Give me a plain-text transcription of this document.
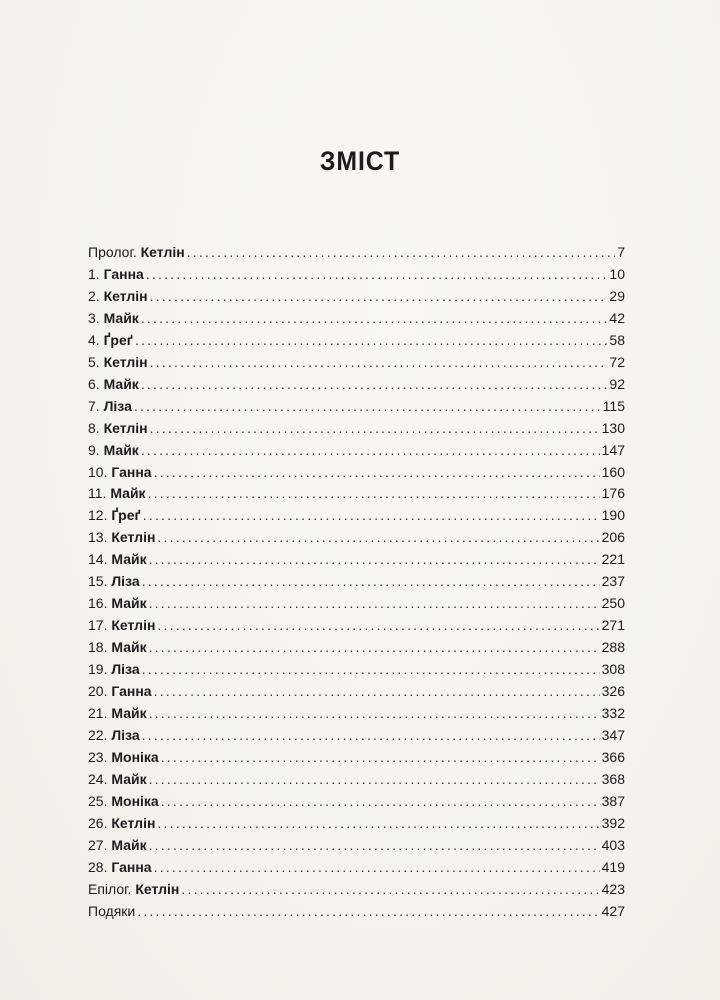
ЗМІСТ
Пролог. Кетлін .....	7
1. Ганна .....	10
2. Кетлін .....	29
3. Майк .....	42
4. Ґреґ .....	58
5. Кетлін .....	72
6. Майк .....	92
7. Ліза .....	115
8. Кетлін .....	130
9. Майк .....	147
10. Ганна .....	160
11. Майк .....	176
12. Ґреґ .....	190
13. Кетлін .....	206
14. Майк .....	221
15. Ліза .....	237
16. Майк .....	250
17. Кетлін .....	271
18. Майк .....	288
19. Ліза .....	308
20. Ганна .....	326
21. Майк .....	332
22. Ліза .....	347
23. Моніка .....	366
24. Майк .....	368
25. Моніка .....	387
26. Кетлін .....	392
27. Майк .....	403
28. Ганна .....	419
Епілог. Кетлін .....	423
Подяки .....	427
